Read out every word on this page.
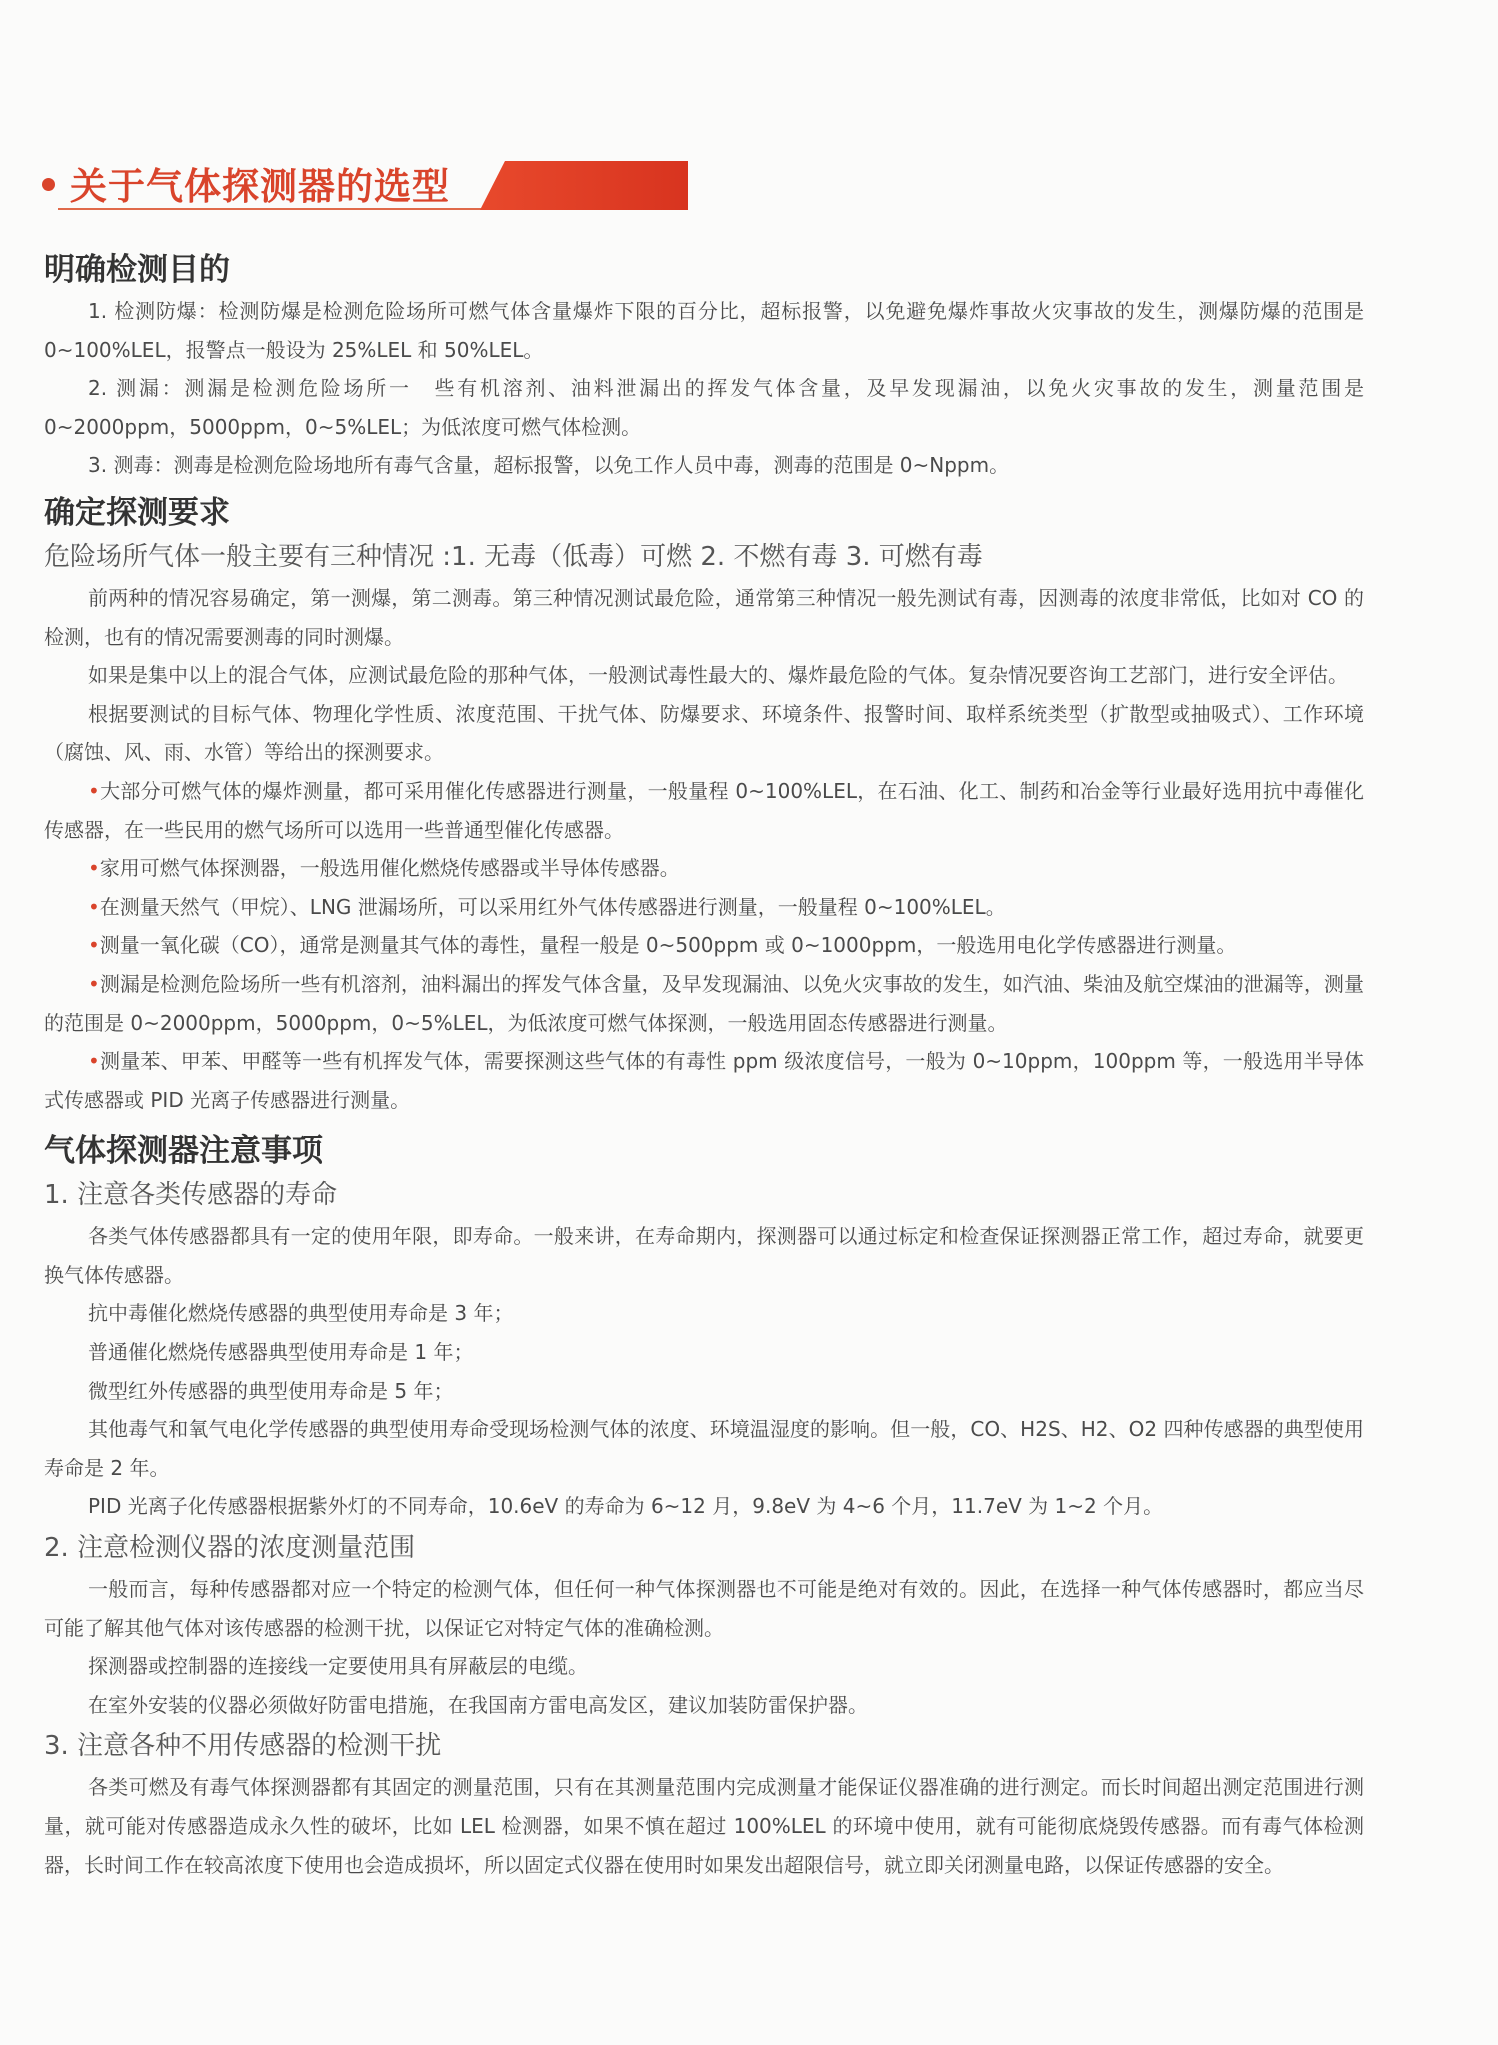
关于气体探测器的选型
明确检测目的

1. 检测防爆：检测防爆是检测危险场所可燃气体含量爆炸下限的百分比，超标报警，以免避免爆炸事故火灾事故的发生，测爆防爆的范围是 0~100%LEL，报警点一般设为 25%LEL 和 50%LEL。

2. 测漏：测漏是检测危险场所一　些有机溶剂、油料泄漏出的挥发气体含量，及早发现漏油，以免火灾事故的发生，测量范围是 0~2000ppm，5000ppm，0~5%LEL；为低浓度可燃气体检测。

3. 测毒：测毒是检测危险场地所有毒气含量，超标报警，以免工作人员中毒，测毒的范围是 0~Nppm。

确定探测要求
危险场所气体一般主要有三种情况 :1. 无毒（低毒）可燃 2. 不燃有毒 3. 可燃有毒

前两种的情况容易确定，第一测爆，第二测毒。第三种情况测试最危险，通常第三种情况一般先测试有毒，因测毒的浓度非常低，比如对 CO 的检测，也有的情况需要测毒的同时测爆。

如果是集中以上的混合气体，应测试最危险的那种气体，一般测试毒性最大的、爆炸最危险的气体。复杂情况要咨询工艺部门，进行安全评估。

根据要测试的目标气体、物理化学性质、浓度范围、干扰气体、防爆要求、环境条件、报警时间、取样系统类型（扩散型或抽吸式）、工作环境（腐蚀、风、雨、水管）等给出的探测要求。

•大部分可燃气体的爆炸测量，都可采用催化传感器进行测量，一般量程 0~100%LEL，在石油、化工、制药和冶金等行业最好选用抗中毒催化传感器，在一些民用的燃气场所可以选用一些普通型催化传感器。

•家用可燃气体探测器，一般选用催化燃烧传感器或半导体传感器。

•在测量天然气（甲烷）、LNG 泄漏场所，可以采用红外气体传感器进行测量，一般量程 0~100%LEL。

•测量一氧化碳（CO），通常是测量其气体的毒性，量程一般是 0~500ppm 或 0~1000ppm，一般选用电化学传感器进行测量。

•测漏是检测危险场所一些有机溶剂，油料漏出的挥发气体含量，及早发现漏油、以免火灾事故的发生，如汽油、柴油及航空煤油的泄漏等，测量的范围是 0~2000ppm，5000ppm，0~5%LEL，为低浓度可燃气体探测，一般选用固态传感器进行测量。

•测量苯、甲苯、甲醛等一些有机挥发气体，需要探测这些气体的有毒性 ppm 级浓度信号，一般为 0~10ppm，100ppm 等，一般选用半导体式传感器或 PID 光离子传感器进行测量。

气体探测器注意事项
1. 注意各类传感器的寿命

各类气体传感器都具有一定的使用年限，即寿命。一般来讲，在寿命期内，探测器可以通过标定和检查保证探测器正常工作，超过寿命，就要更换气体传感器。

抗中毒催化燃烧传感器的典型使用寿命是 3 年；

普通催化燃烧传感器典型使用寿命是 1 年；

微型红外传感器的典型使用寿命是 5 年；

其他毒气和氧气电化学传感器的典型使用寿命受现场检测气体的浓度、环境温湿度的影响。但一般，CO、H2S、H2、O2 四种传感器的典型使用寿命是 2 年。

PID 光离子化传感器根据紫外灯的不同寿命，10.6eV 的寿命为 6~12 月，9.8eV 为 4~6 个月，11.7eV 为 1~2 个月。

2. 注意检测仪器的浓度测量范围

一般而言，每种传感器都对应一个特定的检测气体，但任何一种气体探测器也不可能是绝对有效的。因此，在选择一种气体传感器时，都应当尽可能了解其他气体对该传感器的检测干扰，以保证它对特定气体的准确检测。

探测器或控制器的连接线一定要使用具有屏蔽层的电缆。

在室外安装的仪器必须做好防雷电措施，在我国南方雷电高发区，建议加装防雷保护器。

3. 注意各种不用传感器的检测干扰

各类可燃及有毒气体探测器都有其固定的测量范围，只有在其测量范围内完成测量才能保证仪器准确的进行测定。而长时间超出测定范围进行测量，就可能对传感器造成永久性的破坏，比如 LEL 检测器，如果不慎在超过 100%LEL 的环境中使用，就有可能彻底烧毁传感器。而有毒气体检测器，长时间工作在较高浓度下使用也会造成损坏，所以固定式仪器在使用时如果发出超限信号，就立即关闭测量电路，以保证传感器的安全。
